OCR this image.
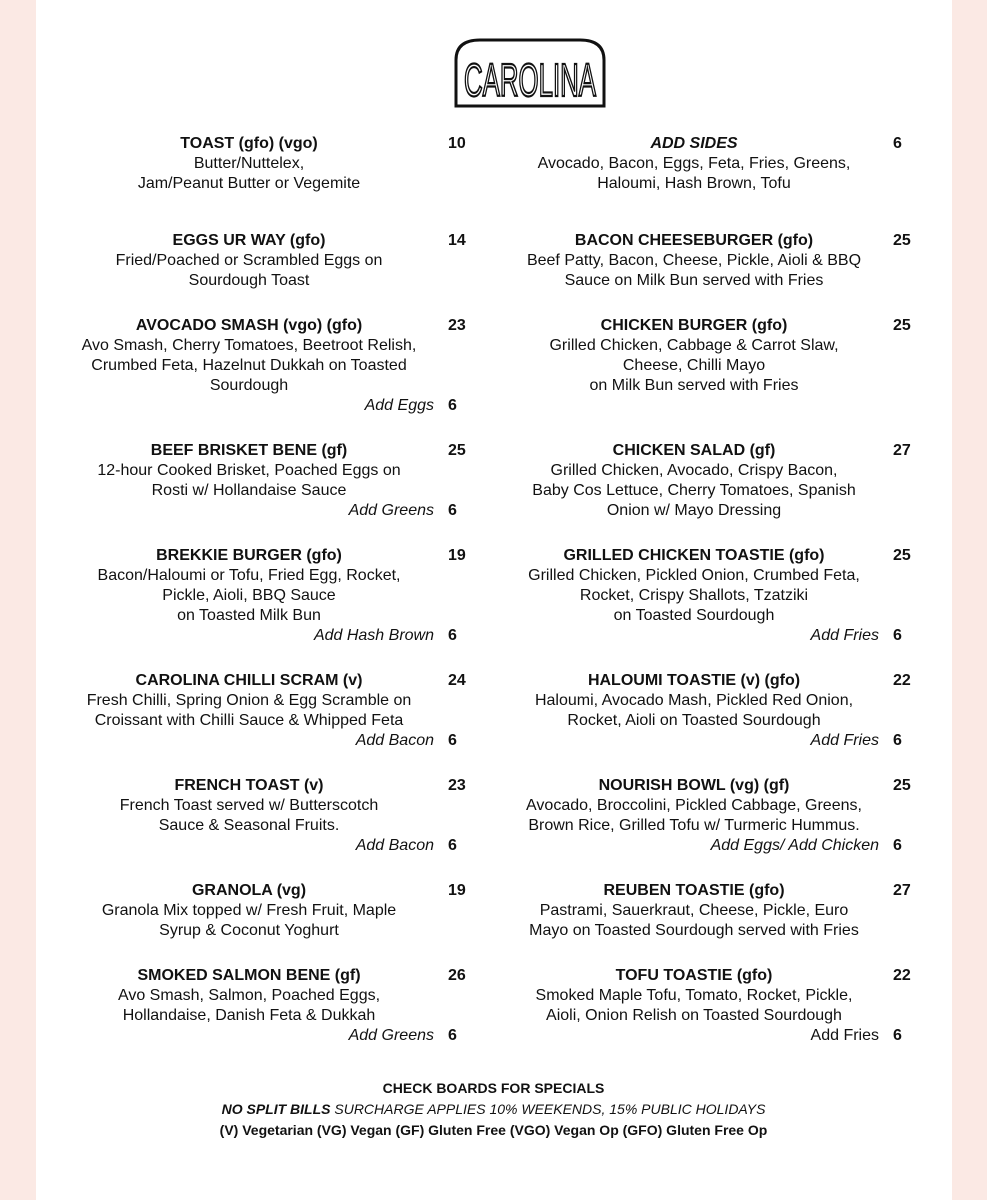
CAROLINA
TOAST (gfo) (vgo)	10
Butter/Nuttelex,
Jam/Peanut Butter or Vegemite
EGGS UR WAY (gfo)	14
Fried/Poached or Scrambled Eggs on
Sourdough Toast
AVOCADO SMASH (vgo) (gfo)	23
Avo Smash, Cherry Tomatoes, Beetroot Relish,
Crumbed Feta, Hazelnut Dukkah on Toasted
Sourdough
Add Eggs 6
BEEF BRISKET BENE (gf)	25
12-hour Cooked Brisket, Poached Eggs on
Rosti w/ Hollandaise Sauce
Add Greens 6
BREKKIE BURGER (gfo)	19
Bacon/Haloumi or Tofu, Fried Egg, Rocket,
Pickle, Aioli, BBQ Sauce
on Toasted Milk Bun
Add Hash Brown 6
CAROLINA CHILLI SCRAM (v)	24
Fresh Chilli, Spring Onion & Egg Scramble on
Croissant with Chilli Sauce & Whipped Feta
Add Bacon 6
FRENCH TOAST (v)	23
French Toast served w/ Butterscotch
Sauce & Seasonal Fruits.
Add Bacon 6
GRANOLA (vg)	19
Granola Mix topped w/ Fresh Fruit, Maple
Syrup & Coconut Yoghurt
SMOKED SALMON BENE (gf)	26
Avo Smash, Salmon, Poached Eggs,
Hollandaise, Danish Feta & Dukkah
Add Greens 6
ADD SIDES	6
Avocado, Bacon, Eggs, Feta, Fries, Greens,
Haloumi, Hash Brown, Tofu
BACON CHEESEBURGER (gfo)	25
Beef Patty, Bacon, Cheese, Pickle, Aioli & BBQ
Sauce on Milk Bun served with Fries
CHICKEN BURGER (gfo)	25
Grilled Chicken, Cabbage & Carrot Slaw,
Cheese, Chilli Mayo
on Milk Bun served with Fries
CHICKEN SALAD (gf)	27
Grilled Chicken, Avocado, Crispy Bacon,
Baby Cos Lettuce, Cherry Tomatoes, Spanish
Onion w/ Mayo Dressing
GRILLED CHICKEN TOASTIE (gfo)	25
Grilled Chicken, Pickled Onion, Crumbed Feta,
Rocket, Crispy Shallots, Tzatziki
on Toasted Sourdough
Add Fries 6
HALOUMI TOASTIE (v) (gfo)	22
Haloumi, Avocado Mash, Pickled Red Onion,
Rocket, Aioli on Toasted Sourdough
Add Fries 6
NOURISH BOWL (vg) (gf)	25
Avocado, Broccolini, Pickled Cabbage, Greens,
Brown Rice, Grilled Tofu w/ Turmeric Hummus.
Add Eggs/ Add Chicken 6
REUBEN TOASTIE (gfo)	27
Pastrami, Sauerkraut, Cheese, Pickle, Euro
Mayo on Toasted Sourdough served with Fries
TOFU TOASTIE (gfo)	22
Smoked Maple Tofu, Tomato, Rocket, Pickle,
Aioli, Onion Relish on Toasted Sourdough
Add Fries 6
CHECK BOARDS FOR SPECIALS
NO SPLIT BILLS SURCHARGE APPLIES 10% WEEKENDS, 15% PUBLIC HOLIDAYS
(V) Vegetarian (VG) Vegan (GF) Gluten Free (VGO) Vegan Op (GFO) Gluten Free Op
